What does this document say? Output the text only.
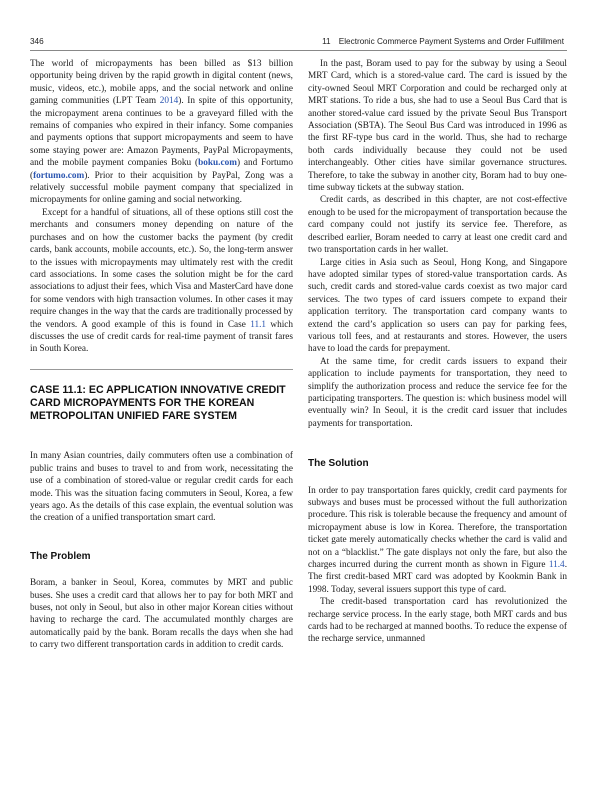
346	11 Electronic Commerce Payment Systems and Order Fulfillment

The world of micropayments has been billed as $13 billion opportunity being driven by the rapid growth in digital content (news, music, videos, etc.), mobile apps, and the social network and online gaming communities (LPT Team 2014). In spite of this opportunity, the micropayment arena continues to be a graveyard filled with the remains of companies who expired in their infancy. Some companies and payments options that support micropayments and seem to have some staying power are: Amazon Payments, PayPal Micropayments, and the mobile payment companies Boku (boku.com) and Fortumo (fortumo.com). Prior to their acquisition by PayPal, Zong was a relatively successful mobile payment company that specialized in micropayments for online gaming and social networking.

Except for a handful of situations, all of these options still cost the merchants and consumers money depending on nature of the purchases and on how the customer backs the payment (by credit cards, bank accounts, mobile accounts, etc.). So, the long-term answer to the issues with micropayments may ultimately rest with the credit card associations. In some cases the solution might be for the card associations to adjust their fees, which Visa and MasterCard have done for some vendors with high transaction volumes. In other cases it may require changes in the way that the cards are traditionally processed by the vendors. A good example of this is found in Case 11.1 which discusses the use of credit cards for real-time payment of transit fares in South Korea.

CASE 11.1: EC APPLICATION INNOVATIVE CREDIT CARD MICROPAYMENTS FOR THE KOREAN METROPOLITAN UNIFIED FARE SYSTEM

In many Asian countries, daily commuters often use a combination of public trains and buses to travel to and from work, necessitating the use of a combination of stored-value or regular credit cards for each mode. This was the situation facing commuters in Seoul, Korea, a few years ago. As the details of this case explain, the eventual solution was the creation of a unified transportation smart card.

The Problem

Boram, a banker in Seoul, Korea, commutes by MRT and public buses. She uses a credit card that allows her to pay for both MRT and buses, not only in Seoul, but also in other major Korean cities without having to recharge the card. The accumulated monthly charges are automatically paid by the bank. Boram recalls the days when she had to carry two different transportation cards in addition to credit cards.

In the past, Boram used to pay for the subway by using a Seoul MRT Card, which is a stored-value card. The card is issued by the city-owned Seoul MRT Corporation and could be recharged only at MRT stations. To ride a bus, she had to use a Seoul Bus Card that is another stored-value card issued by the private Seoul Bus Transport Association (SBTA). The Seoul Bus Card was introduced in 1996 as the first RF-type bus card in the world. Thus, she had to recharge both cards individually because they could not be used interchangeably. Other cities have similar governance structures. Therefore, to take the subway in another city, Boram had to buy one-time subway tickets at the subway station.

Credit cards, as described in this chapter, are not cost-effective enough to be used for the micropayment of transportation because the card company could not justify its service fee. Therefore, as described earlier, Boram needed to carry at least one credit card and two transportation cards in her wallet.

Large cities in Asia such as Seoul, Hong Kong, and Singapore have adopted similar types of stored-value transportation cards. As such, credit cards and stored-value cards coexist as two major card services. The two types of card issuers compete to expand their application territory. The transportation card company wants to extend the card’s application so users can pay for parking fees, various toll fees, and at restaurants and stores. However, the users have to load the cards for prepayment.

At the same time, for credit cards issuers to expand their application to include payments for transportation, they need to simplify the authorization process and reduce the service fee for the participating transporters. The question is: which business model will eventually win? In Seoul, it is the credit card issuer that includes payments for transportation.

The Solution

In order to pay transportation fares quickly, credit card payments for subways and buses must be processed without the full authorization procedure. This risk is tolerable because the frequency and amount of micropayment abuse is low in Korea. Therefore, the transportation ticket gate merely automatically checks whether the card is valid and not on a “blacklist.” The gate displays not only the fare, but also the charges incurred during the current month as shown in Figure 11.4. The first credit-based MRT card was adopted by Kookmin Bank in 1998. Today, several issuers support this type of card.

The credit-based transportation card has revolutionized the recharge service process. In the early stage, both MRT cards and bus cards had to be recharged at manned booths. To reduce the expense of the recharge service, unmanned
